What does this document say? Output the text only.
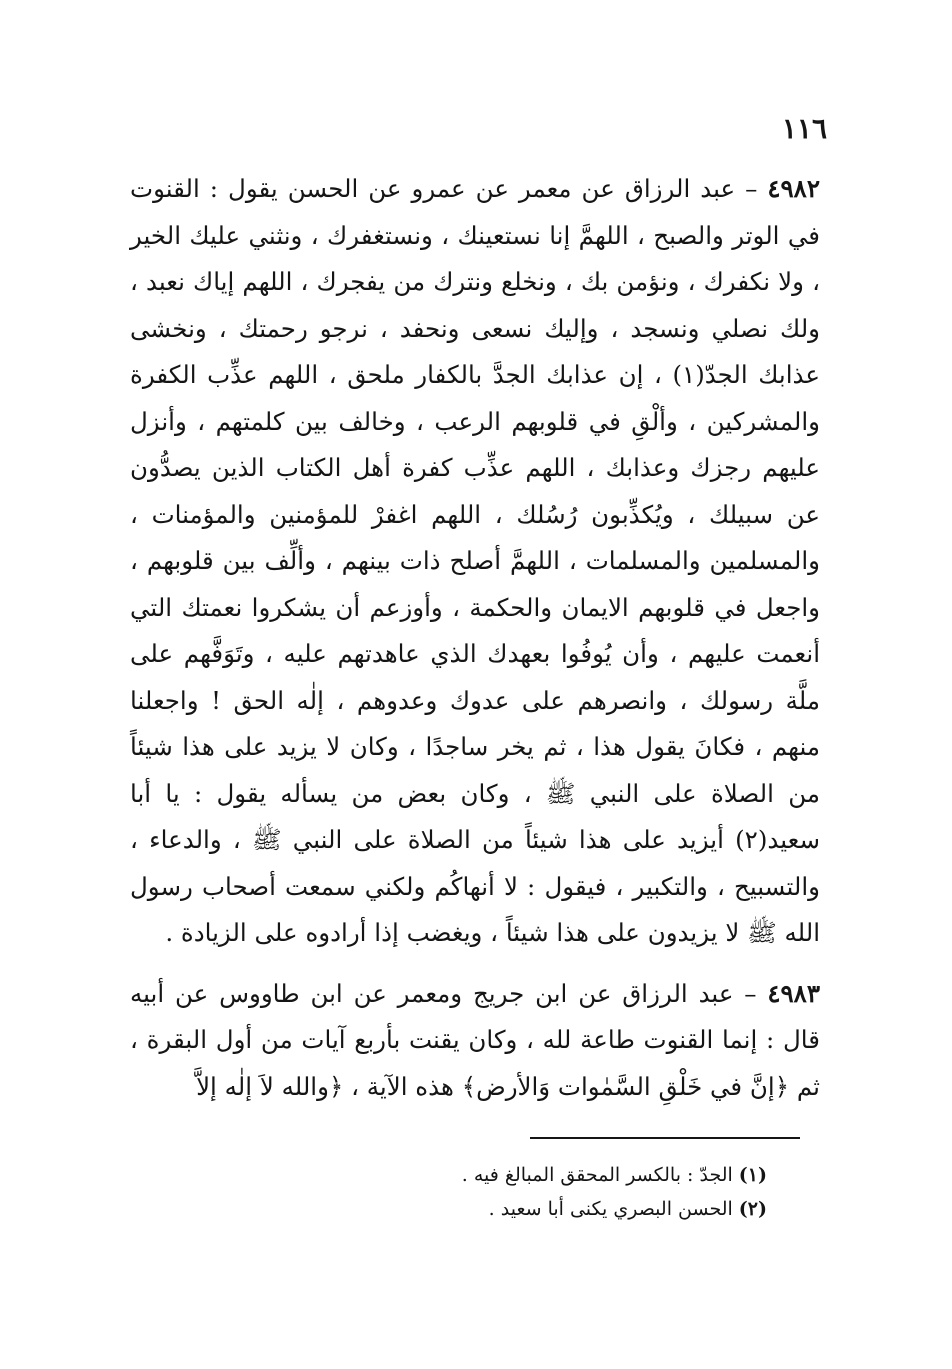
١١٦

٤٩٨٢ – عبد الرزاق عن معمر عن عمرو عن الحسن يقول : القنوت في الوتر والصبح ، اللهمَّ إنا نستعينك ، ونستغفرك ، ونثني عليك الخير ، ولا نكفرك ، ونؤمن بك ، ونخلع ونترك من يفجرك ، اللهم إياك نعبد ، ولك نصلي ونسجد ، وإليك نسعى ونحفد ، نرجو رحمتك ، ونخشى عذابك الجدّ(١) ، إن عذابك الجدَّ بالكفار ملحق ، اللهم عذِّب الكفرة والمشركين ، وألْقِ في قلوبهم الرعب ، وخالف بين كلمتهم ، وأنزل عليهم رجزك وعذابك ، اللهم عذِّب كفرة أهل الكتاب الذين يصدُّون عن سبيلك ، ويُكذِّبون رُسُلك ، اللهم اغفرْ للمؤمنين والمؤمنات ، والمسلمين والمسلمات ، اللهمَّ أصلح ذات بينهم ، وألِّف بين قلوبهم ، واجعل في قلوبهم الايمان والحكمة ، وأوزعم أن يشكروا نعمتك التي أنعمت عليهم ، وأن يُوفُوا بعهدك الذي عاهدتهم عليه ، وتَوَفَّهم على ملَّة رسولك ، وانصرهم على عدوك وعدوهم ، إلٰه الحق ! واجعلنا منهم ، فكانَ يقول هذا ، ثم يخر ساجدًا ، وكان لا يزيد على هذا شيئاً من الصلاة على النبي ﷺ ، وكان بعض من يسأله يقول : يا أبا سعيد(٢) أيزيد على هذا شيئاً من الصلاة على النبي ﷺ ، والدعاء ، والتسبيح ، والتكبير ، فيقول : لا أنهاكُم ولكني سمعت أصحاب رسول الله ﷺ لا يزيدون على هذا شيئاً ، ويغضب إذا أرادوه على الزيادة .

٤٩٨٣ – عبد الرزاق عن ابن جريج ومعمر عن ابن طاووس عن أبيه قال : إنما القنوت طاعة لله ، وكان يقنت بأربع آيات من أول البقرة ، ثم ﴿إنَّ في خَلْقِ السَّمٰوات وَالأرض﴾ هذه الآية ، ﴿والله لاَ إلٰه إلاَّ

(١)الجدّ : بالكسر المحقق المبالغ فيه .
(٢)الحسن البصري يكنى أبا سعيد .
